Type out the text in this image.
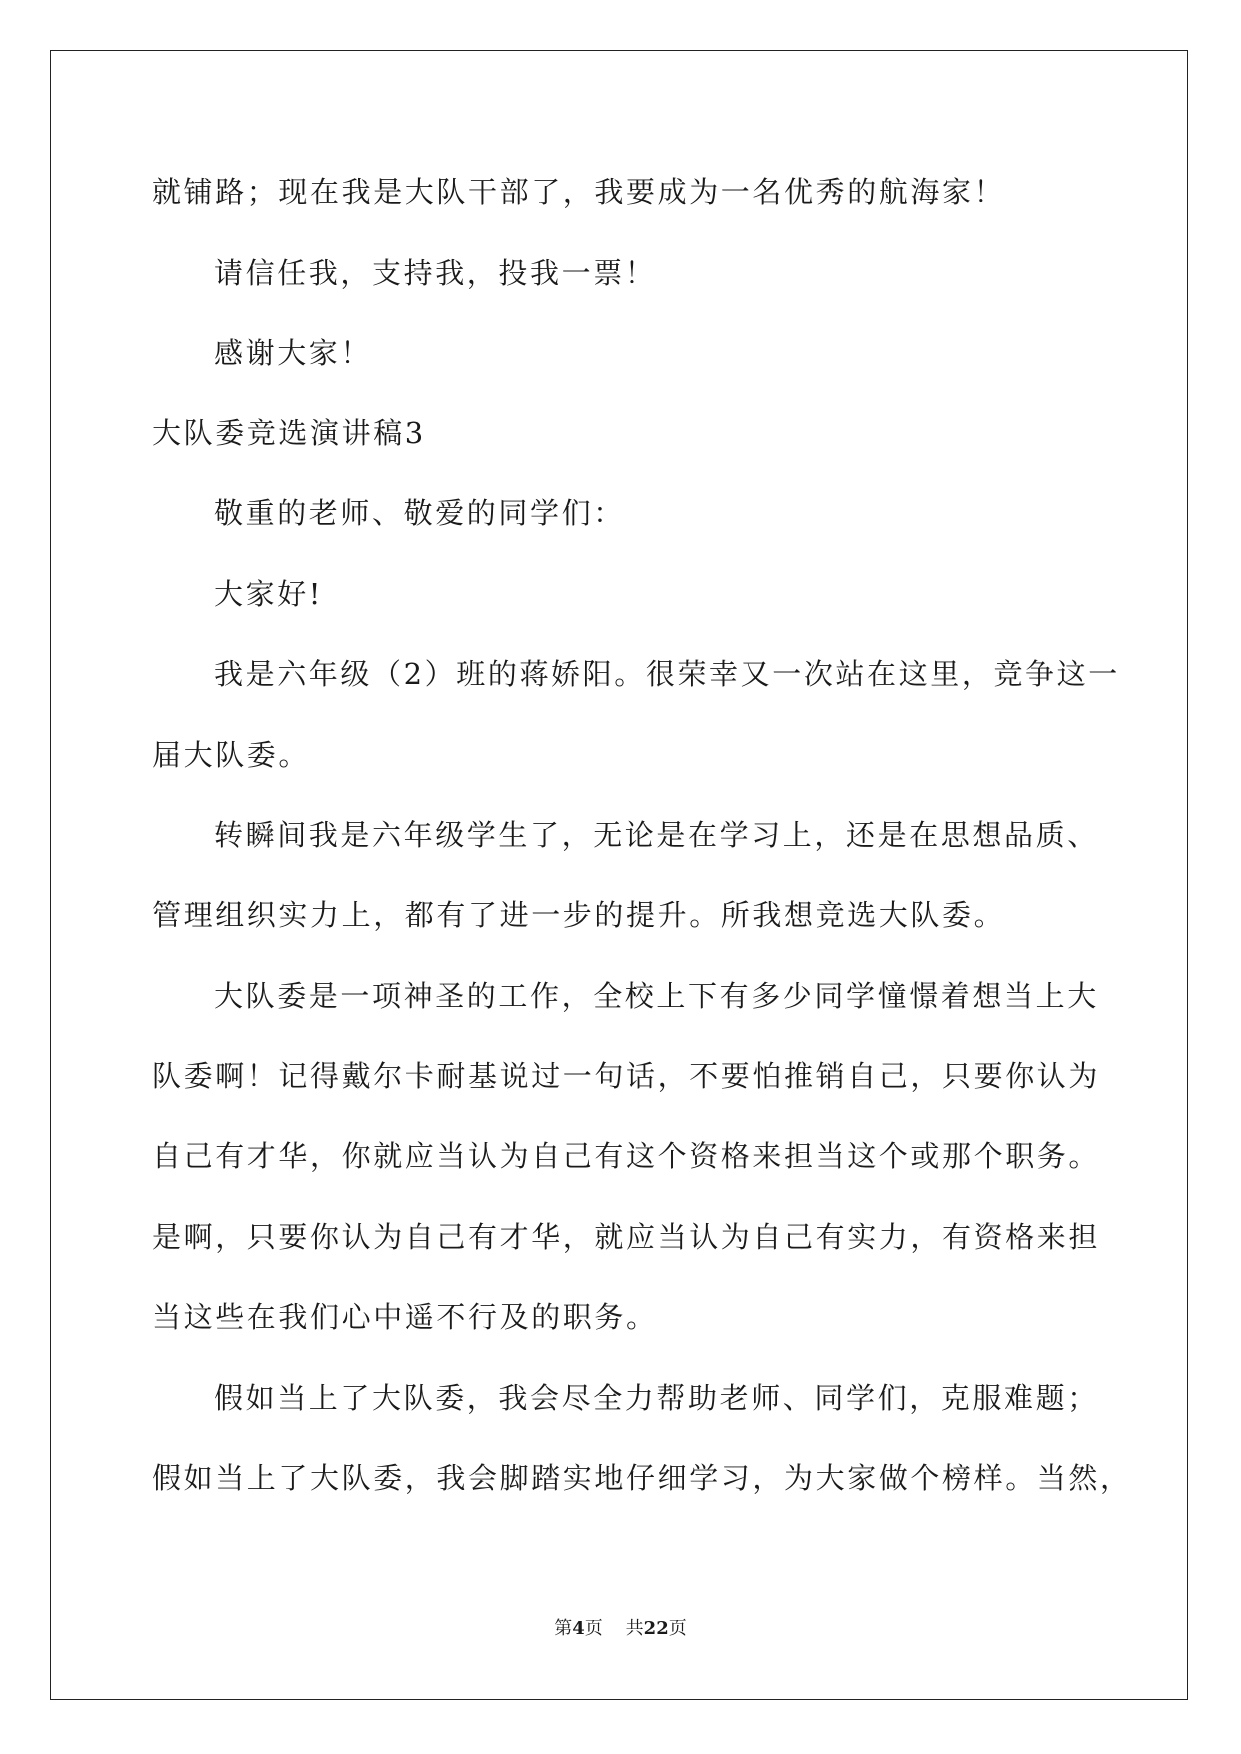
就铺路；现在我是大队干部了，我要成为一名优秀的航海家！
请信任我，支持我，投我一票！
感谢大家！
大队委竞选演讲稿3
敬重的老师、敬爱的同学们：
大家好!
我是六年级（2）班的蒋娇阳。很荣幸又一次站在这里，竞争这一
届大队委。
转瞬间我是六年级学生了，无论是在学习上，还是在思想品质、
管理组织实力上，都有了进一步的提升。所我想竞选大队委。
大队委是一项神圣的工作，全校上下有多少同学憧憬着想当上大
队委啊！记得戴尔卡耐基说过一句话，不要怕推销自己，只要你认为
自己有才华，你就应当认为自己有这个资格来担当这个或那个职务。
是啊，只要你认为自己有才华，就应当认为自己有实力，有资格来担
当这些在我们心中遥不行及的职务。
假如当上了大队委，我会尽全力帮助老师、同学们，克服难题；
假如当上了大队委，我会脚踏实地仔细学习，为大家做个榜样。当然，
第4页 共22页
